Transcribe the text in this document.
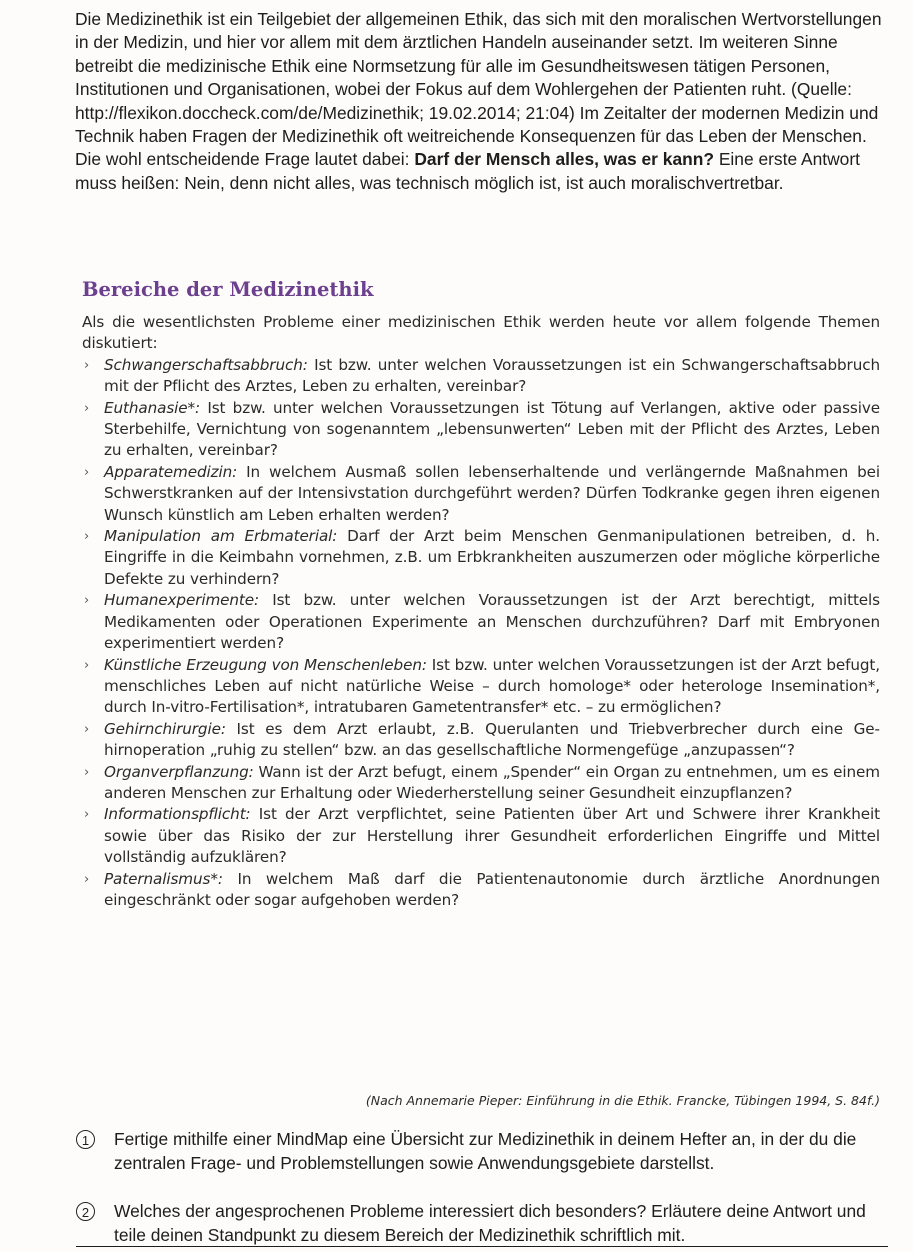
Die Medizinethik ist ein Teilgebiet der allgemeinen Ethik, das sich mit den moralischen Wertvorstellungen in der Medizin, und hier vor allem mit dem ärztlichen Handeln auseinander setzt. Im weiteren Sinne betreibt die medizinische Ethik eine Normsetzung für alle im Gesundheitswesen tätigen Personen, Institutionen und Organisationen, wobei der Fokus auf dem Wohlergehen der Patienten ruht. (Quelle: http://flexikon.doccheck.com/de/Medizinethik; 19.02.2014; 21:04) Im Zeitalter der modernen Medizin und Technik haben Fragen der Medizinethik oft weitreichende Konsequenzen für das Leben der Menschen. Die wohl entscheidende Frage lautet dabei: Darf der Mensch alles, was er kann? Eine erste Antwort muss heißen: Nein, denn nicht alles, was technisch möglich ist, ist auch moralischvertretbar.

Bereiche der Medizinethik

Als die wesentlichsten Probleme einer medizinischen Ethik werden heute vor allem folgende Themen diskutiert:

› Schwangerschaftsabbruch: Ist bzw. unter welchen Voraussetzungen ist ein Schwangerschaftsabbruch mit der Pflicht des Arztes, Leben zu erhalten, vereinbar?
› Euthanasie*: Ist bzw. unter welchen Voraussetzungen ist Tötung auf Verlangen, aktive oder passive Sterbehilfe, Vernichtung von sogenanntem „lebensunwerten“ Leben mit der Pflicht des Arztes, Leben zu erhalten, vereinbar?
› Apparatemedizin: In welchem Ausmaß sollen lebenserhaltende und verlängernde Maßnahmen bei Schwerstkranken auf der Intensivstation durchgeführt werden? Dürfen Todkranke gegen ihren eigenen Wunsch künstlich am Leben erhalten werden?
› Manipulation am Erbmaterial: Darf der Arzt beim Menschen Genmanipulationen betreiben, d. h. Eingriffe in die Keimbahn vornehmen, z.B. um Erbkrankheiten auszumerzen oder mögliche körperliche Defekte zu verhindern?
› Humanexperimente: Ist bzw. unter welchen Voraussetzungen ist der Arzt berechtigt, mittels Medikamenten oder Operationen Experimente an Menschen durchzuführen? Darf mit Embryonen experimentiert werden?
› Künstliche Erzeugung von Menschenleben: Ist bzw. unter welchen Voraussetzungen ist der Arzt befugt, menschliches Leben auf nicht natürliche Weise – durch homologe* oder heterologe Insemination*, durch In-vitro-Fertilisation*, intratubaren Gametentransfer* etc. – zu ermöglichen?
› Gehirnchirurgie: Ist es dem Arzt erlaubt, z.B. Querulanten und Triebverbrecher durch eine Gehirnoperation „ruhig zu stellen“ bzw. an das gesellschaftliche Normengefüge „anzupassen“?
› Organverpflanzung: Wann ist der Arzt befugt, einem „Spender“ ein Organ zu entnehmen, um es einem anderen Menschen zur Erhaltung oder Wiederherstellung seiner Gesundheit einzupflanzen?
› Informationspflicht: Ist der Arzt verpflichtet, seine Patienten über Art und Schwere ihrer Krankheit sowie über das Risiko der zur Herstellung ihrer Gesundheit erforderlichen Eingriffe und Mittel vollständig aufzuklären?
› Paternalismus*: In welchem Maß darf die Patientenautonomie durch ärztliche Anordnungen eingeschränkt oder sogar aufgehoben werden?

(Nach Annemarie Pieper: Einführung in die Ethik. Francke, Tübingen 1994, S. 84f.)

1	Fertige mithilfe einer MindMap eine Übersicht zur Medizinethik in deinem Hefter an, in der du die zentralen Frage- und Problemstellungen sowie Anwendungsgebiete darstellst.

2	Welches der angesprochenen Probleme interessiert dich besonders? Erläutere deine Antwort und teile deinen Standpunkt zu diesem Bereich der Medizinethik schriftlich mit.
